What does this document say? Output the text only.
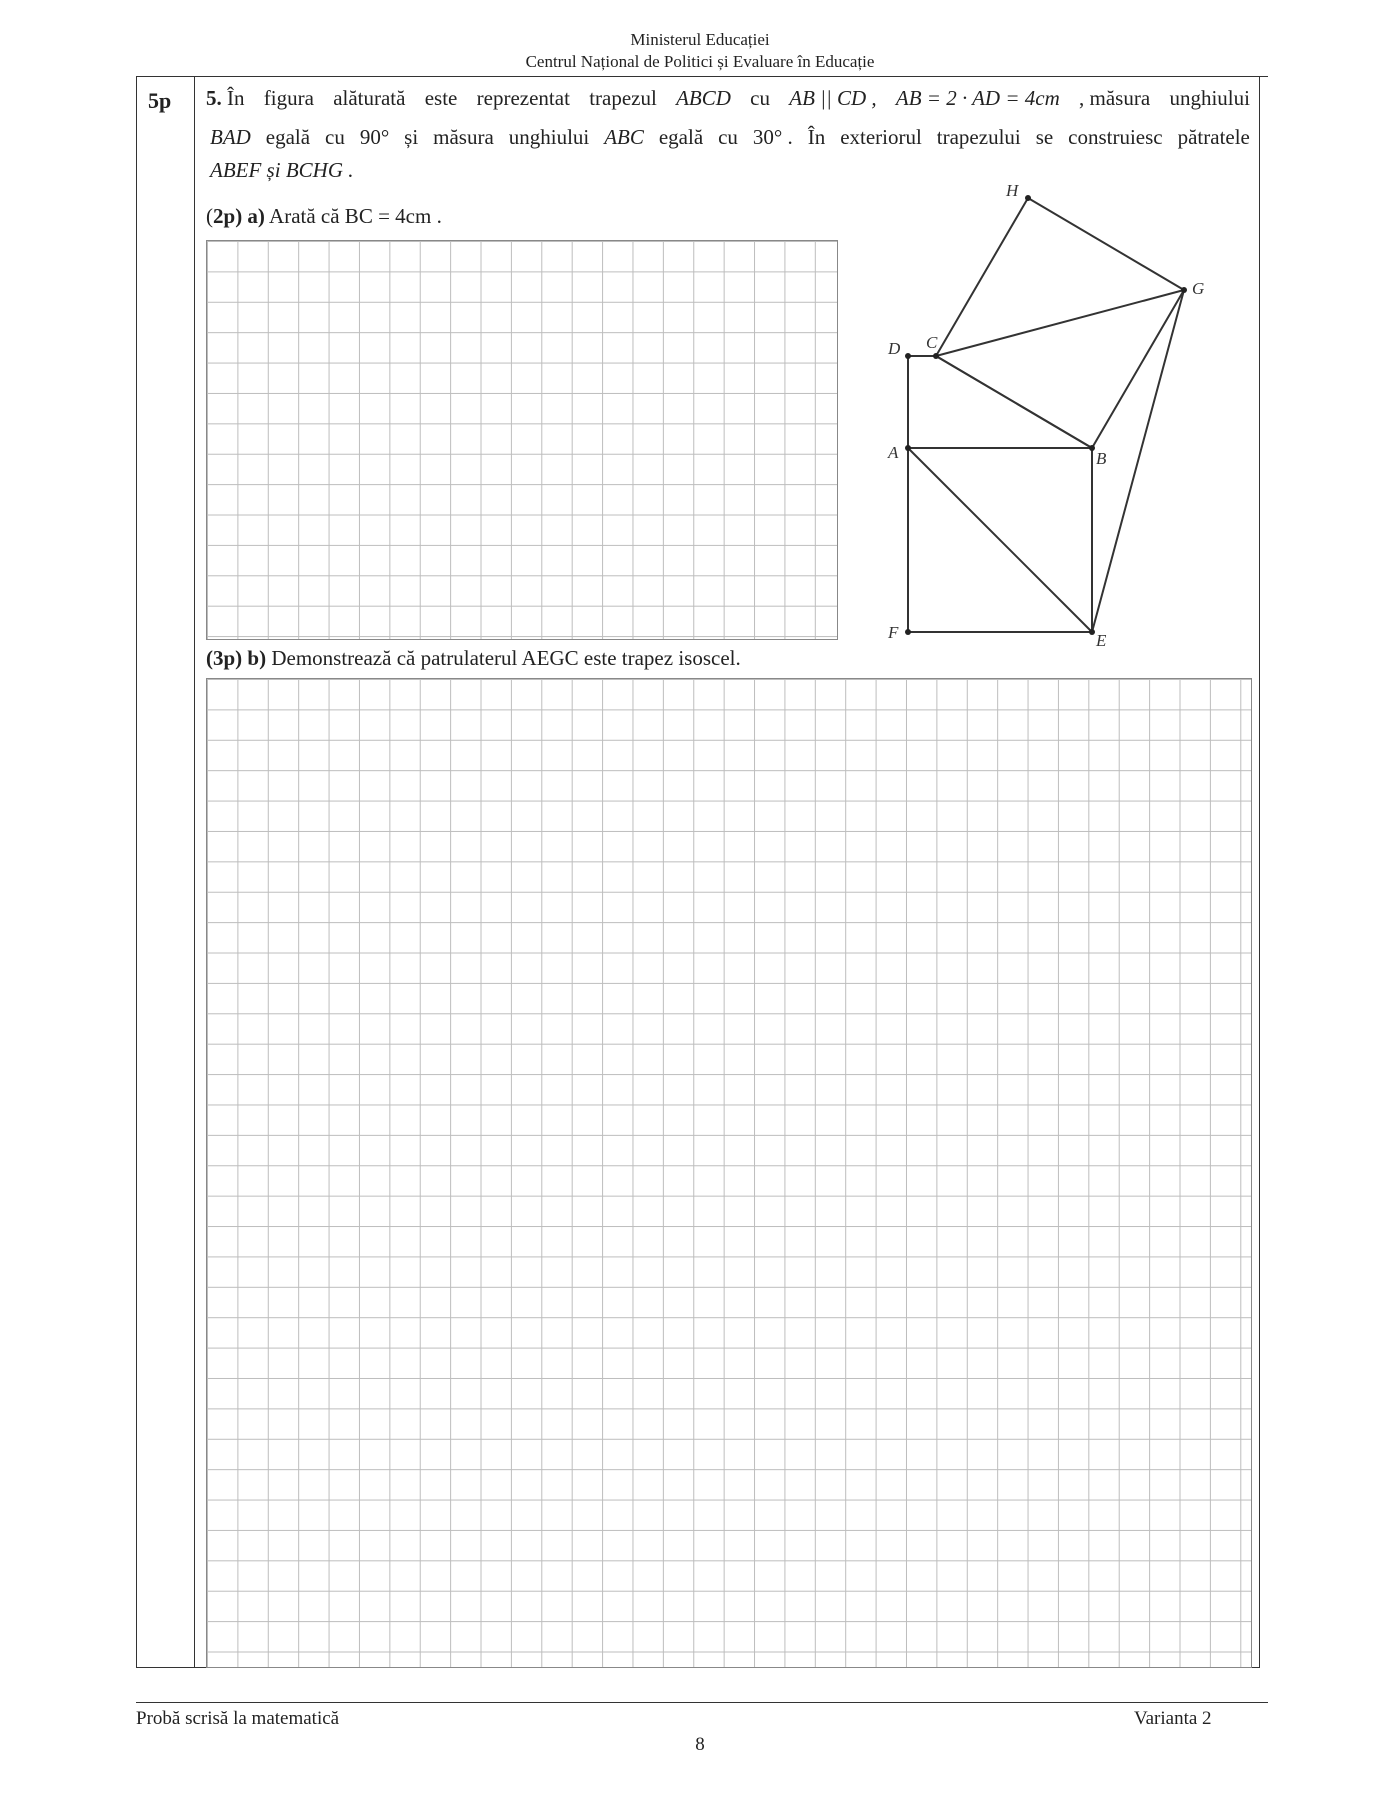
Ministerul Educației
Centrul Național de Politici și Evaluare în Educație
5p 5. În figura alăturată este reprezentat trapezul ABCD cu AB || CD , AB = 2 · AD = 4cm , măsura unghiului
BAD egală cu 90° și măsura unghiului ABC egală cu 30° . În exteriorul trapezului se construiesc pătratele
ABEF și BCHG .
(2p) a) Arată că BC = 4cm .
(3p) b) Demonstrează că patrulaterul AEGC este trapez isoscel.
A	B
C
D
E
F
G
H
Probă scrisă la matematică	Varianta 2
8
